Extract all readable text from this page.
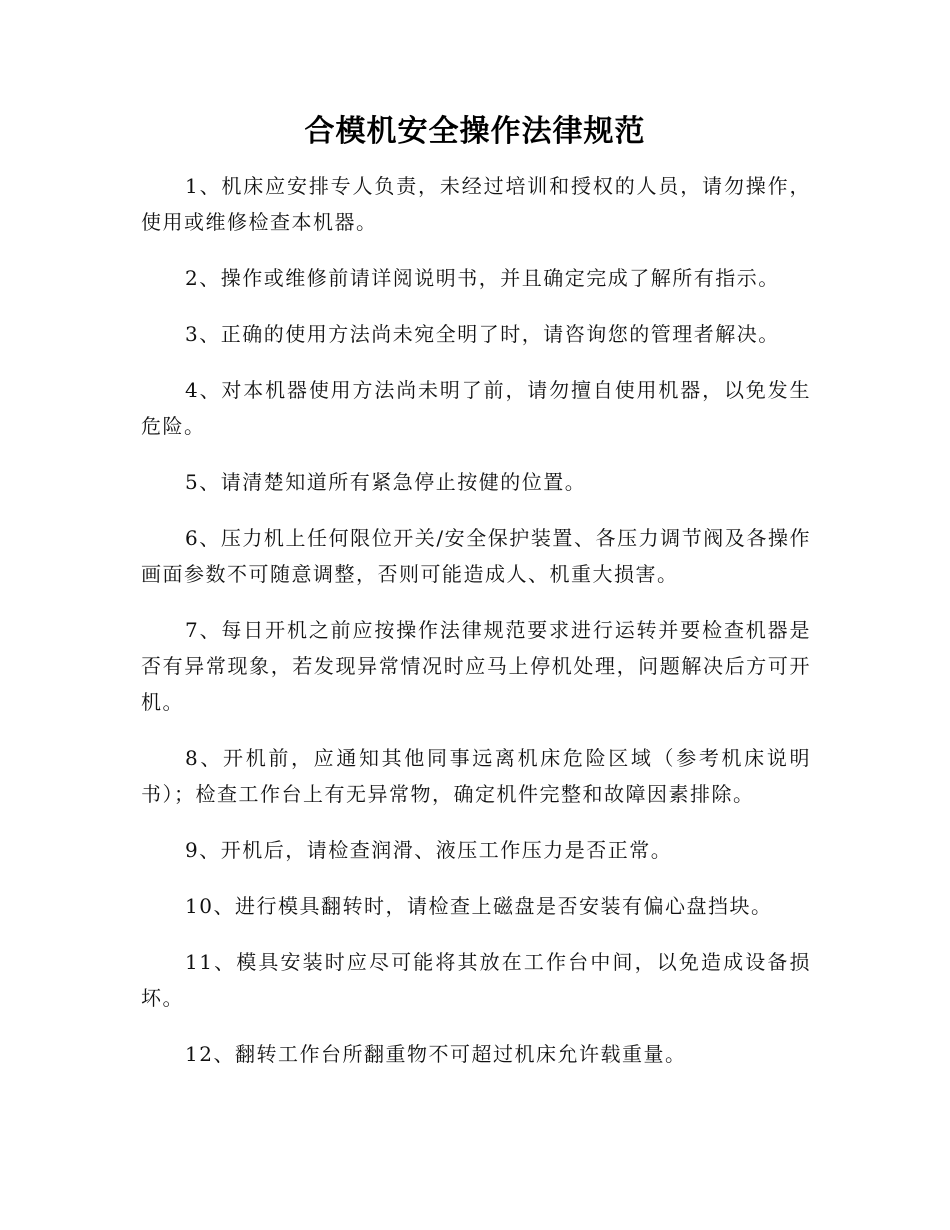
合模机安全操作法律规范

1、机床应安排专人负责，未经过培训和授权的人员，请勿操作，使用或维修检查本机器。

2、操作或维修前请详阅说明书，并且确定完成了解所有指示。

3、正确的使用方法尚未宛全明了时，请咨询您的管理者解决。

4、对本机器使用方法尚未明了前，请勿擅自使用机器，以免发生危险。

5、请清楚知道所有紧急停止按健的位置。

6、压力机上任何限位开关/安全保护装置、各压力调节阀及各操作画面参数不可随意调整，否则可能造成人、机重大损害。

7、每日开机之前应按操作法律规范要求进行运转并要检查机器是否有异常现象，若发现异常情况时应马上停机处理，问题解决后方可开机。

8、开机前，应通知其他同事远离机床危险区域（参考机床说明书）；检查工作台上有无异常物，确定机件完整和故障因素排除。

9、开机后，请检查润滑、液压工作压力是否正常。

10、进行模具翻转时，请检查上磁盘是否安装有偏心盘挡块。

11、模具安装时应尽可能将其放在工作台中间，以免造成设备损坏。

12、翻转工作台所翻重物不可超过机床允许载重量。
